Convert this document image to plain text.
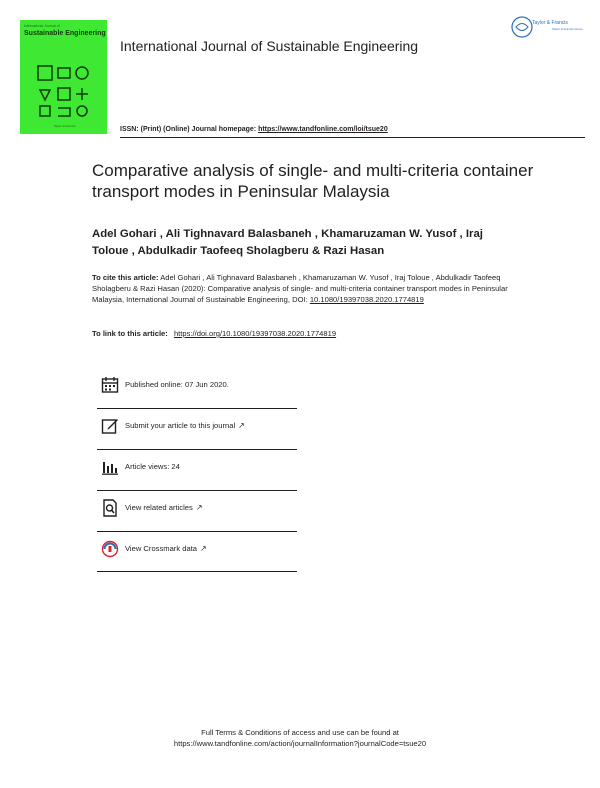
International Journal of
Sustainable Engineering
Taylor & Francis
International Journal of Sustainable Engineering
Taylor & Francis
Taylor & Francis Group
ISSN: (Print) (Online) Journal homepage: https://www.tandfonline.com/loi/tsue20
Comparative analysis of single- and multi-criteria container transport modes in Peninsular Malaysia
Adel Gohari , Ali Tighnavard Balasbaneh , Khamaruzaman W. Yusof , Iraj Toloue , Abdulkadir Taofeeq Sholagberu & Razi Hasan
To cite this article: Adel Gohari , Ali Tighnavard Balasbaneh , Khamaruzaman W. Yusof , Iraj Toloue , Abdulkadir Taofeeq Sholagberu & Razi Hasan (2020): Comparative analysis of single- and multi-criteria container transport modes in Peninsular Malaysia, International Journal of Sustainable Engineering, DOI: 10.1080/19397038.2020.1774819
To link to this article: https://doi.org/10.1080/19397038.2020.1774819
Published online: 07 Jun 2020.
Submit your article to this journal ↗
Article views: 24
View related articles ↗
View Crossmark data ↗
Full Terms & Conditions of access and use can be found at
https://www.tandfonline.com/action/journalInformation?journalCode=tsue20
